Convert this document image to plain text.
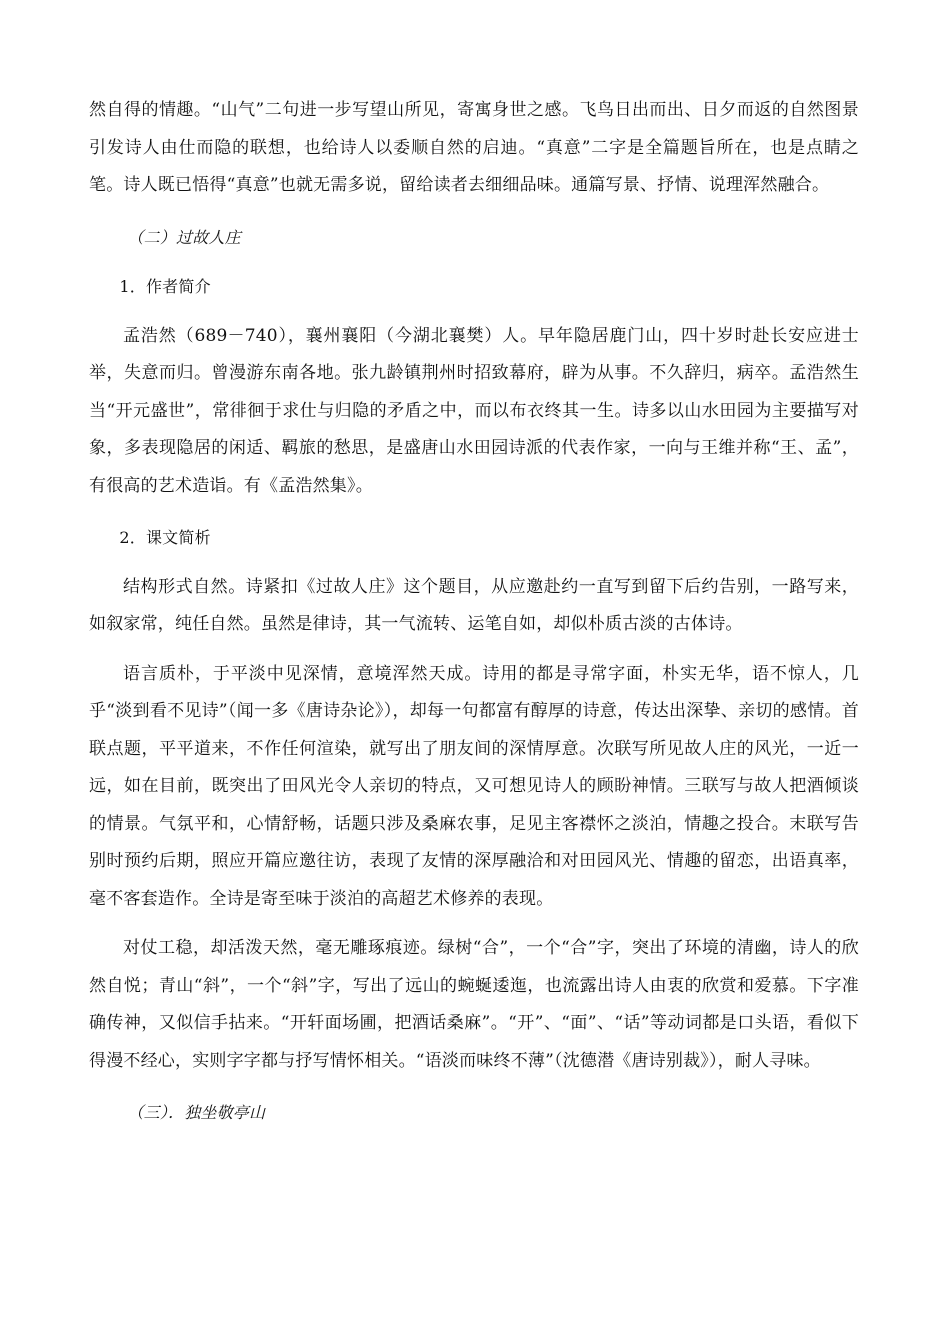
然自得的情趣。“山气”二句进一步写望山所见，寄寓身世之感。飞鸟日出而出、日夕而返的自然图景引发诗人由仕而隐的联想，也给诗人以委顺自然的启迪。“真意”二字是全篇题旨所在，也是点睛之笔。诗人既已悟得“真意”也就无需多说，留给读者去细细品味。通篇写景、抒情、说理浑然融合。

（二）过故人庄

1．作者简介

孟浩然（689－740），襄州襄阳（今湖北襄樊）人。早年隐居鹿门山，四十岁时赴长安应进士举，失意而归。曾漫游东南各地。张九龄镇荆州时招致幕府，辟为从事。不久辞归，病卒。孟浩然生当“开元盛世”，常徘徊于求仕与归隐的矛盾之中，而以布衣终其一生。诗多以山水田园为主要描写对象，多表现隐居的闲适、羁旅的愁思，是盛唐山水田园诗派的代表作家，一向与王维并称“王、孟”，有很高的艺术造诣。有《孟浩然集》。

2．课文简析

结构形式自然。诗紧扣《过故人庄》这个题目，从应邀赴约一直写到留下后约告别，一路写来，如叙家常，纯任自然。虽然是律诗，其一气流转、运笔自如，却似朴质古淡的古体诗。

语言质朴，于平淡中见深情，意境浑然天成。诗用的都是寻常字面，朴实无华，语不惊人，几乎“淡到看不见诗”（闻一多《唐诗杂论》），却每一句都富有醇厚的诗意，传达出深挚、亲切的感情。首联点题，平平道来，不作任何渲染，就写出了朋友间的深情厚意。次联写所见故人庄的风光，一近一远，如在目前，既突出了田风光令人亲切的特点，又可想见诗人的顾盼神情。三联写与故人把酒倾谈的情景。气氛平和，心情舒畅，话题只涉及桑麻农事，足见主客襟怀之淡泊，情趣之投合。末联写告别时预约后期，照应开篇应邀往访，表现了友情的深厚融洽和对田园风光、情趣的留恋，出语真率，毫不客套造作。全诗是寄至味于淡泊的高超艺术修养的表现。

对仗工稳，却活泼天然，毫无雕琢痕迹。绿树“合”，一个“合”字，突出了环境的清幽，诗人的欣然自悦；青山“斜”，一个“斜”字，写出了远山的蜿蜒逶迤，也流露出诗人由衷的欣赏和爱慕。下字准确传神，又似信手拈来。“开轩面场圃，把酒话桑麻”。“开”、“面”、“话”等动词都是口头语，看似下得漫不经心，实则字字都与抒写情怀相关。“语淡而味终不薄”（沈德潜《唐诗别裁》），耐人寻味。

（三）．独坐敬亭山
